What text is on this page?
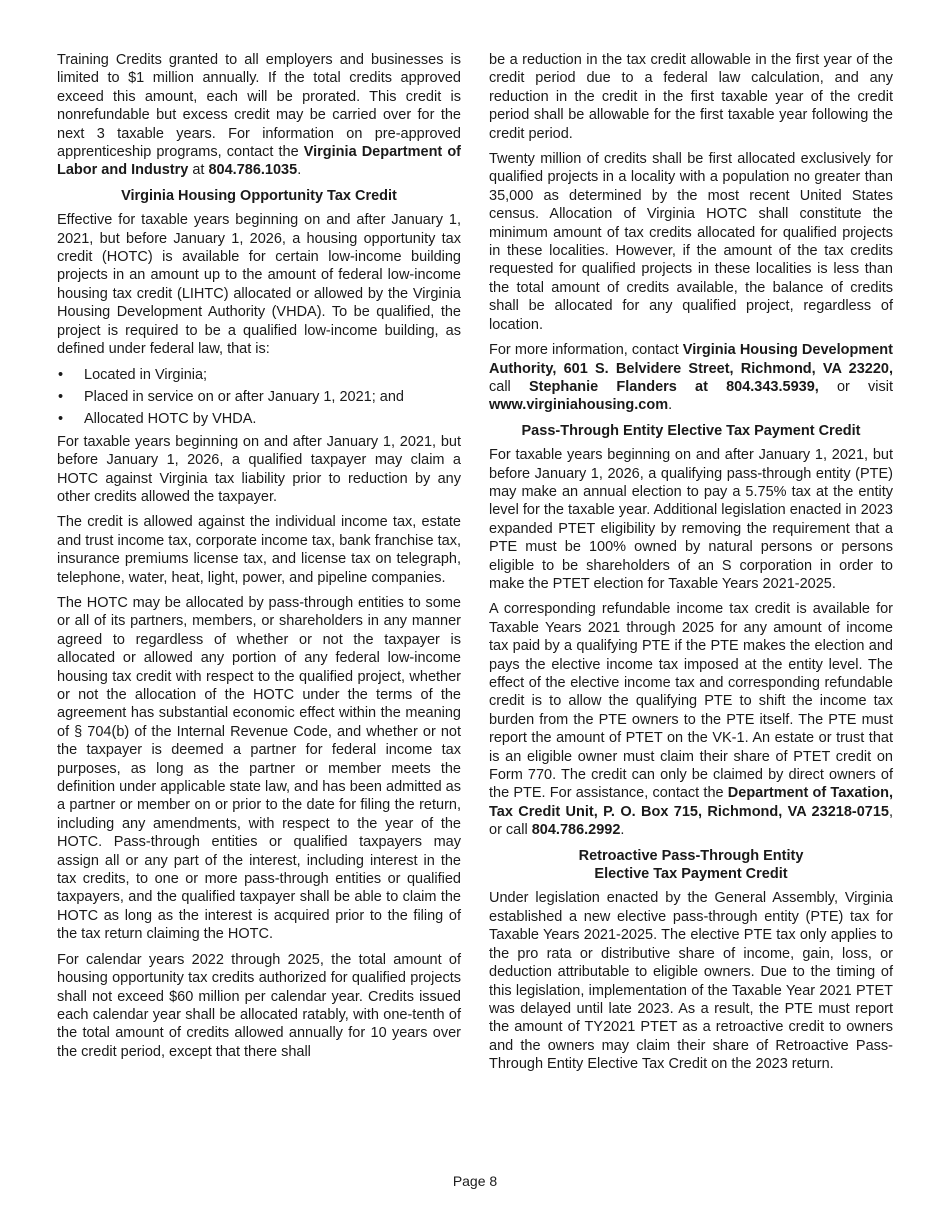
Training Credits granted to all employers and businesses is limited to $1 million annually. If the total credits approved exceed this amount, each will be prorated. This credit is nonrefundable but excess credit may be carried over for the next 3 taxable years. For information on pre-approved apprenticeship programs, contact the Virginia Department of Labor and Industry at 804.786.1035.

Virginia Housing Opportunity Tax Credit

Effective for taxable years beginning on and after January 1, 2021, but before January 1, 2026, a housing opportunity tax credit (HOTC) is available for certain low-income building projects in an amount up to the amount of federal low-income housing tax credit (LIHTC) allocated or allowed by the Virginia Housing Development Authority (VHDA). To be qualified, the project is required to be a qualified low-income building, as defined under federal law, that is:

• Located in Virginia;
• Placed in service on or after January 1, 2021; and
• Allocated HOTC by VHDA.

For taxable years beginning on and after January 1, 2021, but before January 1, 2026, a qualified taxpayer may claim a HOTC against Virginia tax liability prior to reduction by any other credits allowed the taxpayer.

The credit is allowed against the individual income tax, estate and trust income tax, corporate income tax, bank franchise tax, insurance premiums license tax, and license tax on telegraph, telephone, water, heat, light, power, and pipeline companies.

The HOTC may be allocated by pass-through entities to some or all of its partners, members, or shareholders in any manner agreed to regardless of whether or not the taxpayer is allocated or allowed any portion of any federal low-income housing tax credit with respect to the qualified project, whether or not the allocation of the HOTC under the terms of the agreement has substantial economic effect within the meaning of § 704(b) of the Internal Revenue Code, and whether or not the taxpayer is deemed a partner for federal income tax purposes, as long as the partner or member meets the definition under applicable state law, and has been admitted as a partner or member on or prior to the date for filing the return, including any amendments, with respect to the year of the HOTC. Pass-through entities or qualified taxpayers may assign all or any part of the interest, including interest in the tax credits, to one or more pass-through entities or qualified taxpayers, and the qualified taxpayer shall be able to claim the HOTC as long as the interest is acquired prior to the filing of the tax return claiming the HOTC.

For calendar years 2022 through 2025, the total amount of housing opportunity tax credits authorized for qualified projects shall not exceed $60 million per calendar year. Credits issued each calendar year shall be allocated ratably, with one-tenth of the total amount of credits allowed annually for 10 years over the credit period, except that there shall

be a reduction in the tax credit allowable in the first year of the credit period due to a federal law calculation, and any reduction in the credit in the first taxable year of the credit period shall be allowable for the first taxable year following the credit period.

Twenty million of credits shall be first allocated exclusively for qualified projects in a locality with a population no greater than 35,000 as determined by the most recent United States census. Allocation of Virginia HOTC shall constitute the minimum amount of tax credits allocated for qualified projects in these localities. However, if the amount of the tax credits requested for qualified projects in these localities is less than the total amount of credits available, the balance of credits shall be allocated for any qualified project, regardless of location.

For more information, contact Virginia Housing Development Authority, 601 S. Belvidere Street, Richmond, VA 23220, call Stephanie Flanders at 804.343.5939, or visit www.virginiahousing.com.

Pass-Through Entity Elective Tax Payment Credit

For taxable years beginning on and after January 1, 2021, but before January 1, 2026, a qualifying pass-through entity (PTE) may make an annual election to pay a 5.75% tax at the entity level for the taxable year. Additional legislation enacted in 2023 expanded PTET eligibility by removing the requirement that a PTE must be 100% owned by natural persons or persons eligible to be shareholders of an S corporation in order to make the PTET election for Taxable Years 2021-2025.

A corresponding refundable income tax credit is available for Taxable Years 2021 through 2025 for any amount of income tax paid by a qualifying PTE if the PTE makes the election and pays the elective income tax imposed at the entity level. The effect of the elective income tax and corresponding refundable credit is to allow the qualifying PTE to shift the income tax burden from the PTE owners to the PTE itself. The PTE must report the amount of PTET on the VK-1. An estate or trust that is an eligible owner must claim their share of PTET credit on Form 770. The credit can only be claimed by direct owners of the PTE. For assistance, contact the Department of Taxation, Tax Credit Unit, P. O. Box 715, Richmond, VA 23218-0715, or call 804.786.2992.

Retroactive Pass-Through Entity
Elective Tax Payment Credit

Under legislation enacted by the General Assembly, Virginia established a new elective pass-through entity (PTE) tax for Taxable Years 2021-2025. The elective PTE tax only applies to the pro rata or distributive share of income, gain, loss, or deduction attributable to eligible owners. Due to the timing of this legislation, implementation of the Taxable Year 2021 PTET was delayed until late 2023. As a result, the PTE must report the amount of TY2021 PTET as a retroactive credit to owners and the owners may claim their share of Retroactive Pass-Through Entity Elective Tax Credit on the 2023 return.

Page 8
